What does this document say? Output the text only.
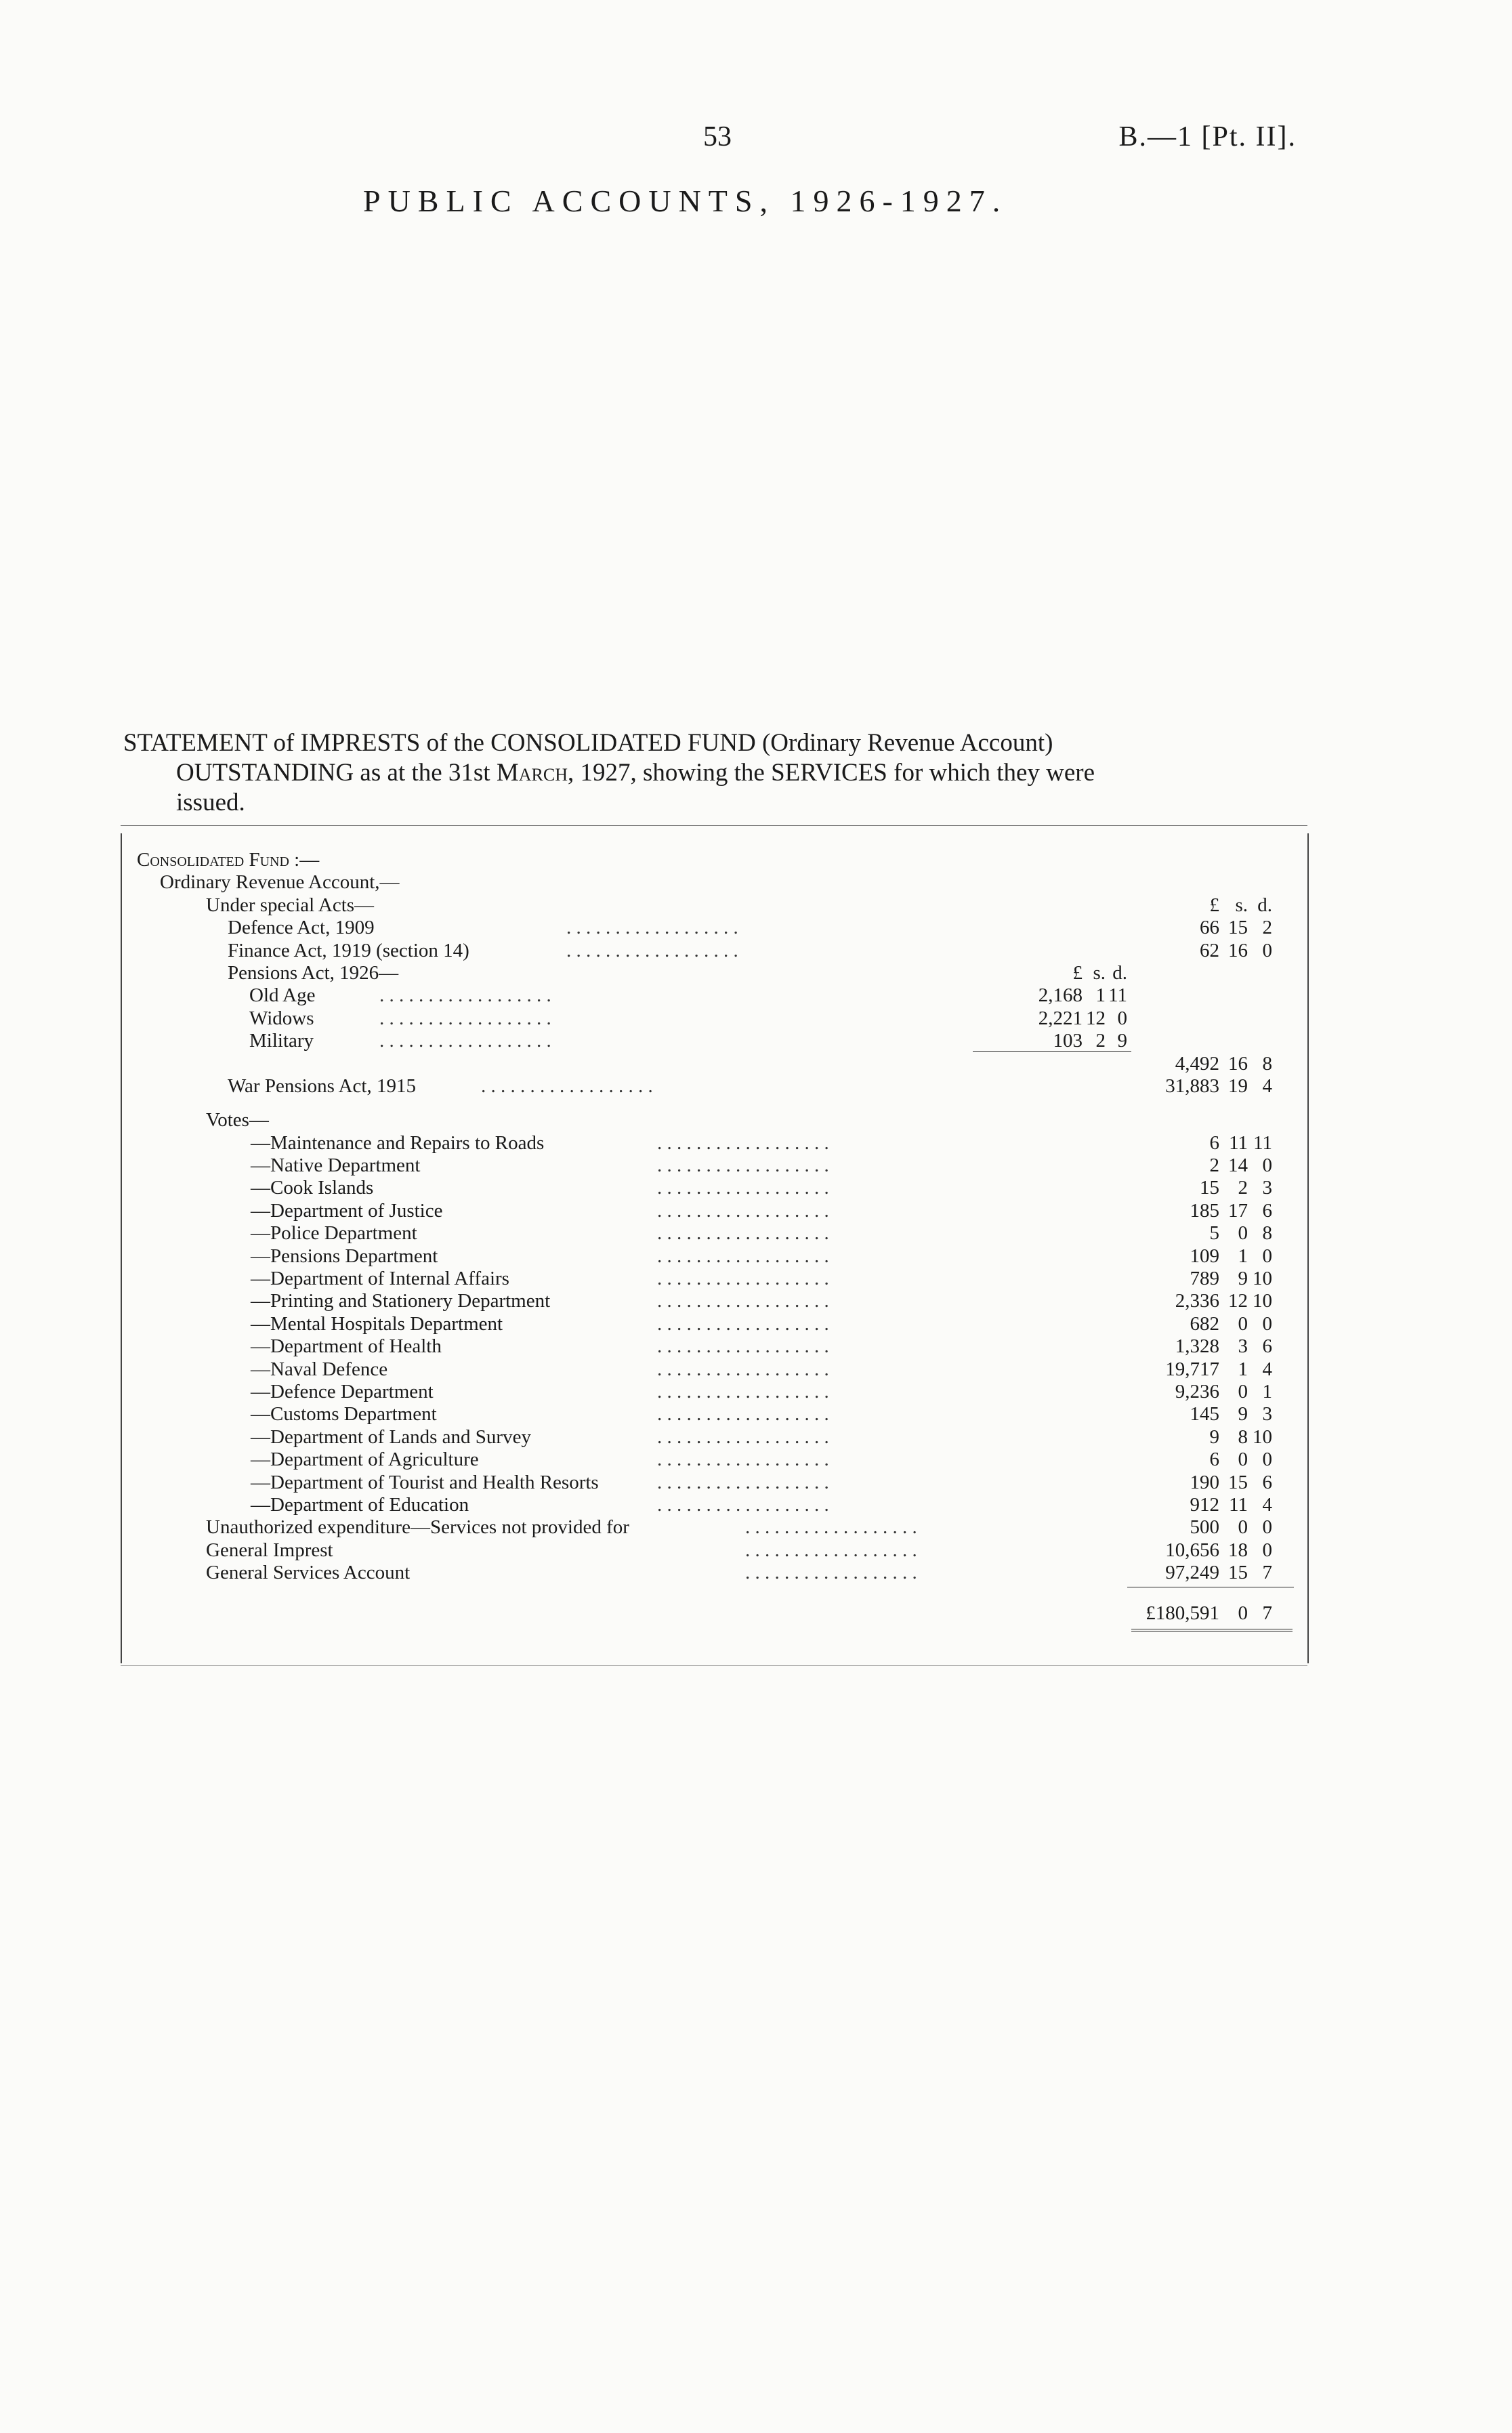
53	B.—1 [Pt. II].
PUBLIC ACCOUNTS, 1926-1927.
STATEMENT of IMPRESTS of the CONSOLIDATED FUND (Ordinary Revenue Account)
OUTSTANDING as at the 31st March, 1927, showing the SERVICES for which they were
issued.
Consolidated Fund :—
Ordinary Revenue Account,—
Under special Acts—	£ s. d.
Defence Act, 1909	. . . . . . . . . . . . . . . . . .	66 15 2
Finance Act, 1919 (section 14)	. . . . . . . . . . . . . . . . . .	62 16 0
Pensions Act, 1926—	£ s. d.
Old Age	. . . . . . . . . . . . . . . . . .	2,168 1 11
Widows	. . . . . . . . . . . . . . . . . .	2,221 12 0
Military	. . . . . . . . . . . . . . . . . .	103 2 9
4,492 16 8
War Pensions Act, 1915	. . . . . . . . . . . . . . . . . .	31,883 19 4
Votes—
—Maintenance and Repairs to Roads	. . . . . . . . . . . . . . . . . .	6 11 11
—Native Department	. . . . . . . . . . . . . . . . . .	2 14 0
—Cook Islands	. . . . . . . . . . . . . . . . . .	15 2 3
—Department of Justice	. . . . . . . . . . . . . . . . . .	185 17 6
—Police Department	. . . . . . . . . . . . . . . . . .	5 0 8
—Pensions Department	. . . . . . . . . . . . . . . . . .	109 1 0
—Department of Internal Affairs	. . . . . . . . . . . . . . . . . .	789 9 10
—Printing and Stationery Department	. . . . . . . . . . . . . . . . . .	2,336 12 10
—Mental Hospitals Department	. . . . . . . . . . . . . . . . . .	682 0 0
—Department of Health	. . . . . . . . . . . . . . . . . .	1,328 3 6
—Naval Defence	. . . . . . . . . . . . . . . . . .	19,717 1 4
—Defence Department	. . . . . . . . . . . . . . . . . .	9,236 0 1
—Customs Department	. . . . . . . . . . . . . . . . . .	145 9 3
—Department of Lands and Survey	. . . . . . . . . . . . . . . . . .	9 8 10
—Department of Agriculture	. . . . . . . . . . . . . . . . . .	6 0 0
—Department of Tourist and Health Resorts	. . . . . . . . . . . . . . . . . .	190 15 6
—Department of Education	. . . . . . . . . . . . . . . . . .	912 11 4
Unauthorized expenditure—Services not provided for	. . . . . . . . . . . . . . . . . .	500 0 0
General Imprest	. . . . . . . . . . . . . . . . . .	10,656 18 0
General Services Account	. . . . . . . . . . . . . . . . . .	97,249 15 7
£180,591 0 7
